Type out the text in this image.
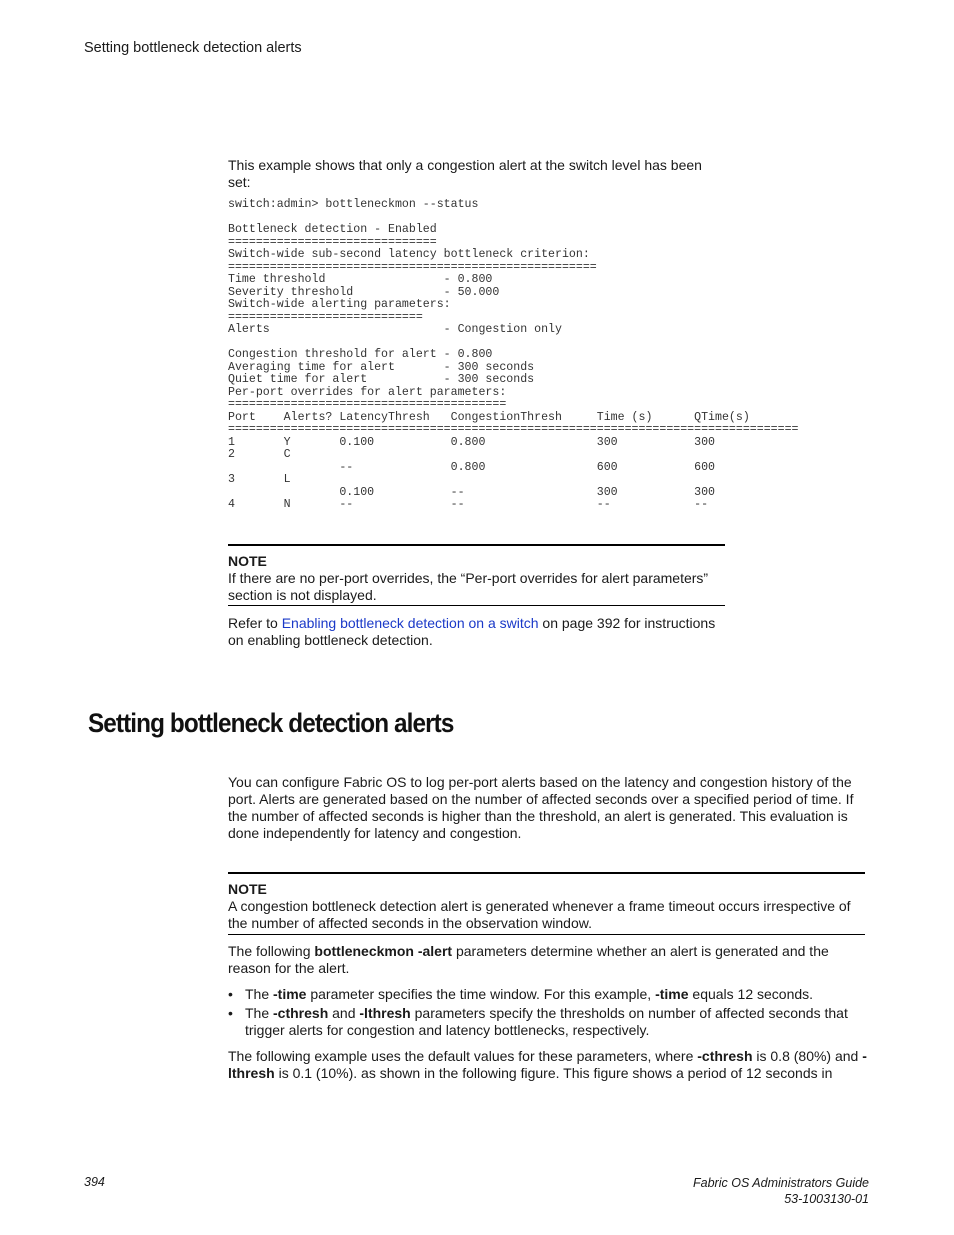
Setting bottleneck detection alerts
This example shows that only a congestion alert at the switch level has been set:
switch:admin> bottleneckmon --status

Bottleneck detection - Enabled
==============================
Switch-wide sub-second latency bottleneck criterion:
=====================================================
Time threshold                 - 0.800
Severity threshold             - 50.000
Switch-wide alerting parameters:
============================
Alerts                         - Congestion only

Congestion threshold for alert - 0.800
Averaging time for alert       - 300 seconds
Quiet time for alert           - 300 seconds
Per-port overrides for alert parameters:
========================================
Port    Alerts? LatencyThresh   CongestionThresh     Time (s)      QTime(s)
==================================================================================
1       Y       0.100           0.800                300           300
2       C
--              0.800                600           600
3       L
0.100           --                   300           300
4       N       --              --                   --            --
NOTE
If there are no per-port overrides, the “Per-port overrides for alert parameters” section is not displayed.
Refer to Enabling bottleneck detection on a switch on page 392 for instructions on enabling bottleneck detection.
Setting bottleneck detection alerts
You can configure Fabric OS to log per-port alerts based on the latency and congestion history of the port. Alerts are generated based on the number of affected seconds over a specified period of time. If the number of affected seconds is higher than the threshold, an alert is generated. This evaluation is done independently for latency and congestion.
NOTE
A congestion bottleneck detection alert is generated whenever a frame timeout occurs irrespective of the number of affected seconds in the observation window.
The following bottleneckmon -alert parameters determine whether an alert is generated and the reason for the alert.
• The -time parameter specifies the time window. For this example, -time equals 12 seconds.
• The -cthresh and -lthresh parameters specify the thresholds on number of affected seconds that trigger alerts for congestion and latency bottlenecks, respectively.
The following example uses the default values for these parameters, where -cthresh is 0.8 (80%) and -lthresh is 0.1 (10%). as shown in the following figure. This figure shows a period of 12 seconds in
394	Fabric OS Administrators Guide
53-1003130-01
